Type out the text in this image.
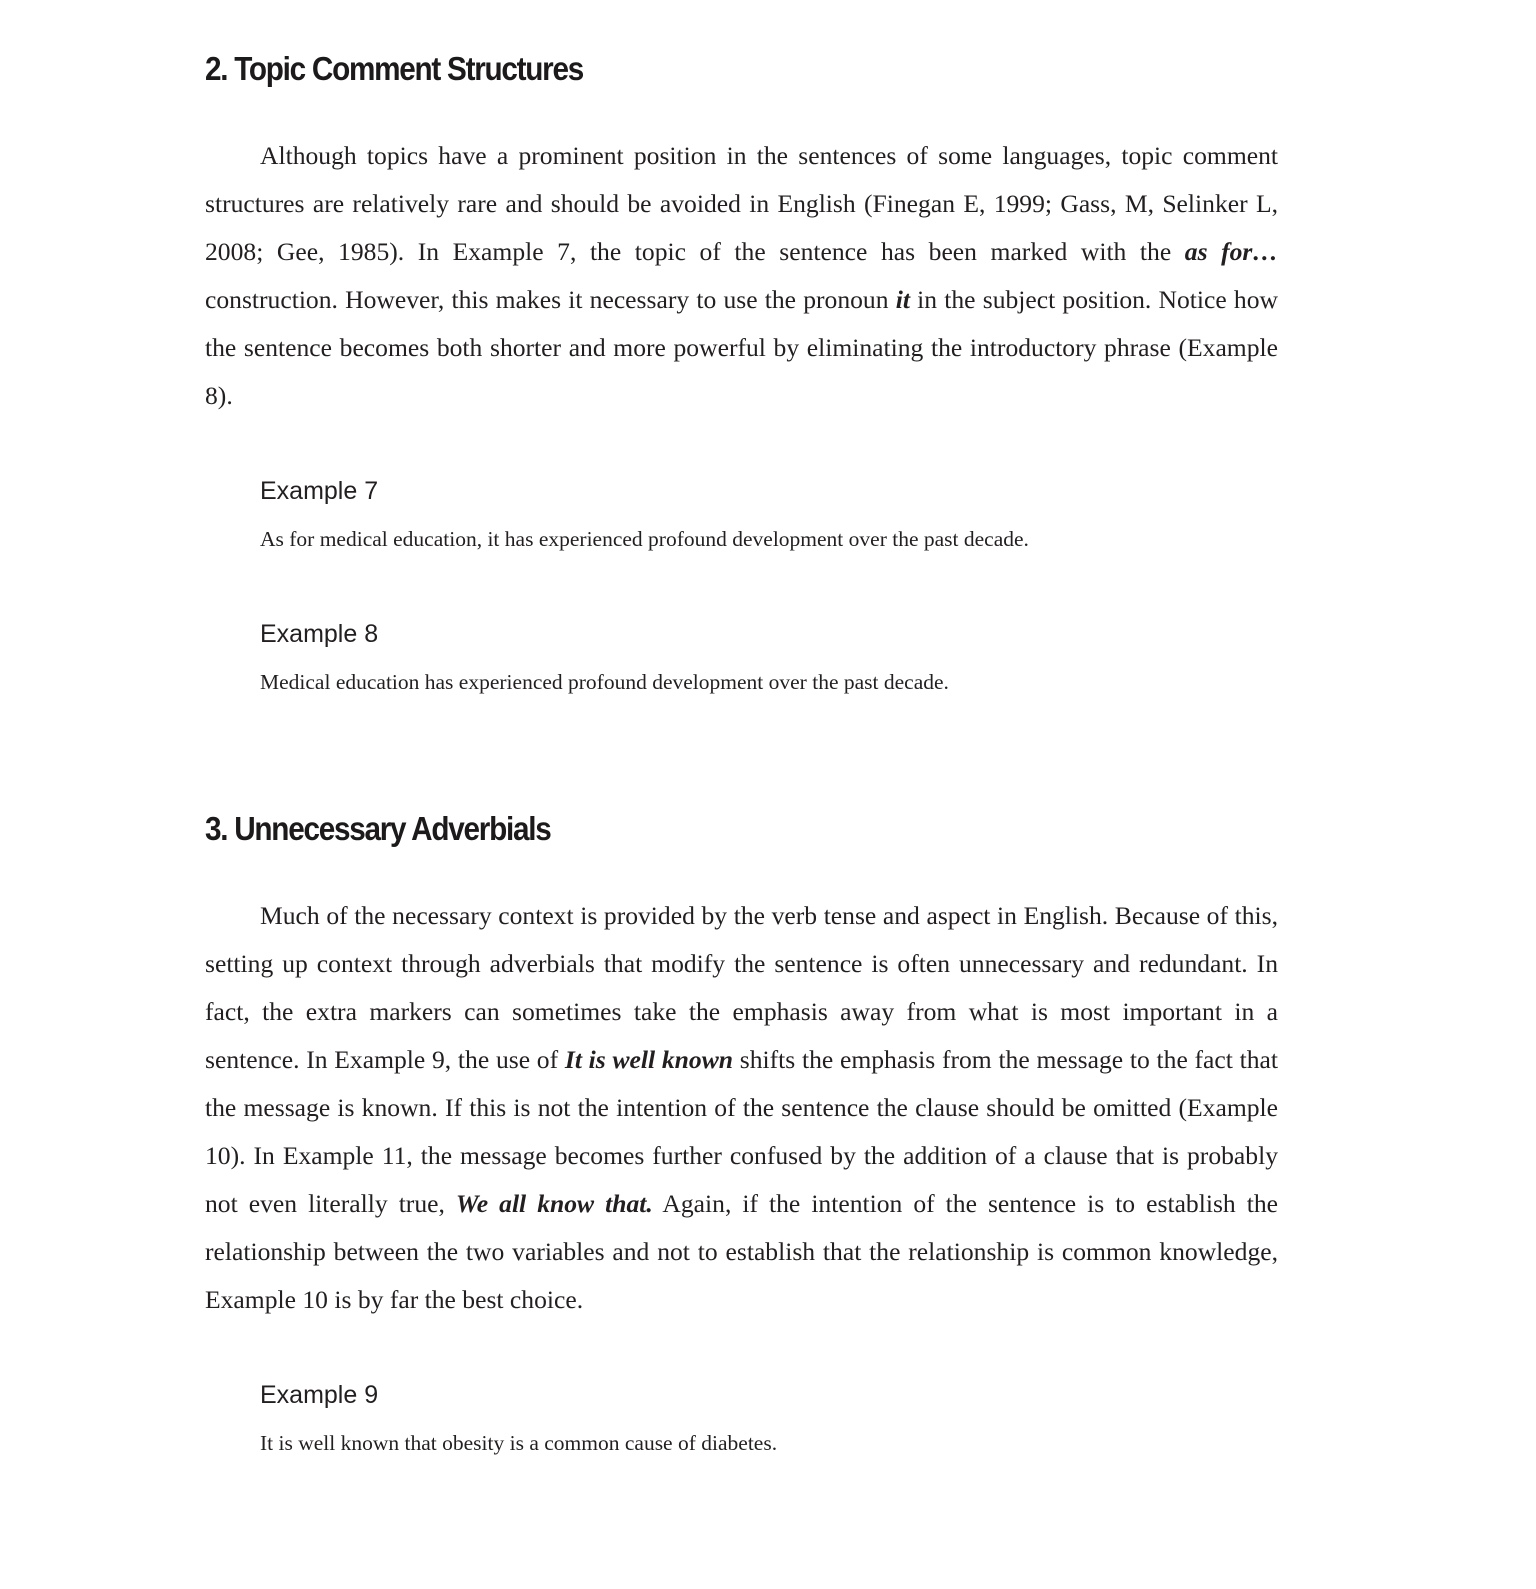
2. Topic Comment Structures

Although topics have a prominent position in the sentences of some languages, topic comment structures are relatively rare and should be avoided in English (Finegan E, 1999; Gass, M, Selinker L, 2008; Gee, 1985). In Example 7, the topic of the sentence has been marked with the as for… construction. However, this makes it necessary to use the pronoun it in the subject position. Notice how the sentence becomes both shorter and more powerful by eliminating the introductory phrase (Example 8).

Example 7
As for medical education, it has experienced profound development over the past decade.
Example 8
Medical education has experienced profound development over the past decade.
3. Unnecessary Adverbials

Much of the necessary context is provided by the verb tense and aspect in English. Because of this, setting up context through adverbials that modify the sentence is often unnecessary and redundant. In fact, the extra markers can sometimes take the emphasis away from what is most important in a sentence. In Example 9, the use of It is well known shifts the emphasis from the message to the fact that the message is known. If this is not the intention of the sentence the clause should be omitted (Example 10). In Example 11, the message becomes further confused by the addition of a clause that is probably not even literally true, We all know that. Again, if the intention of the sentence is to establish the relationship between the two variables and not to establish that the relationship is common knowledge, Example 10 is by far the best choice.

Example 9
It is well known that obesity is a common cause of diabetes.
